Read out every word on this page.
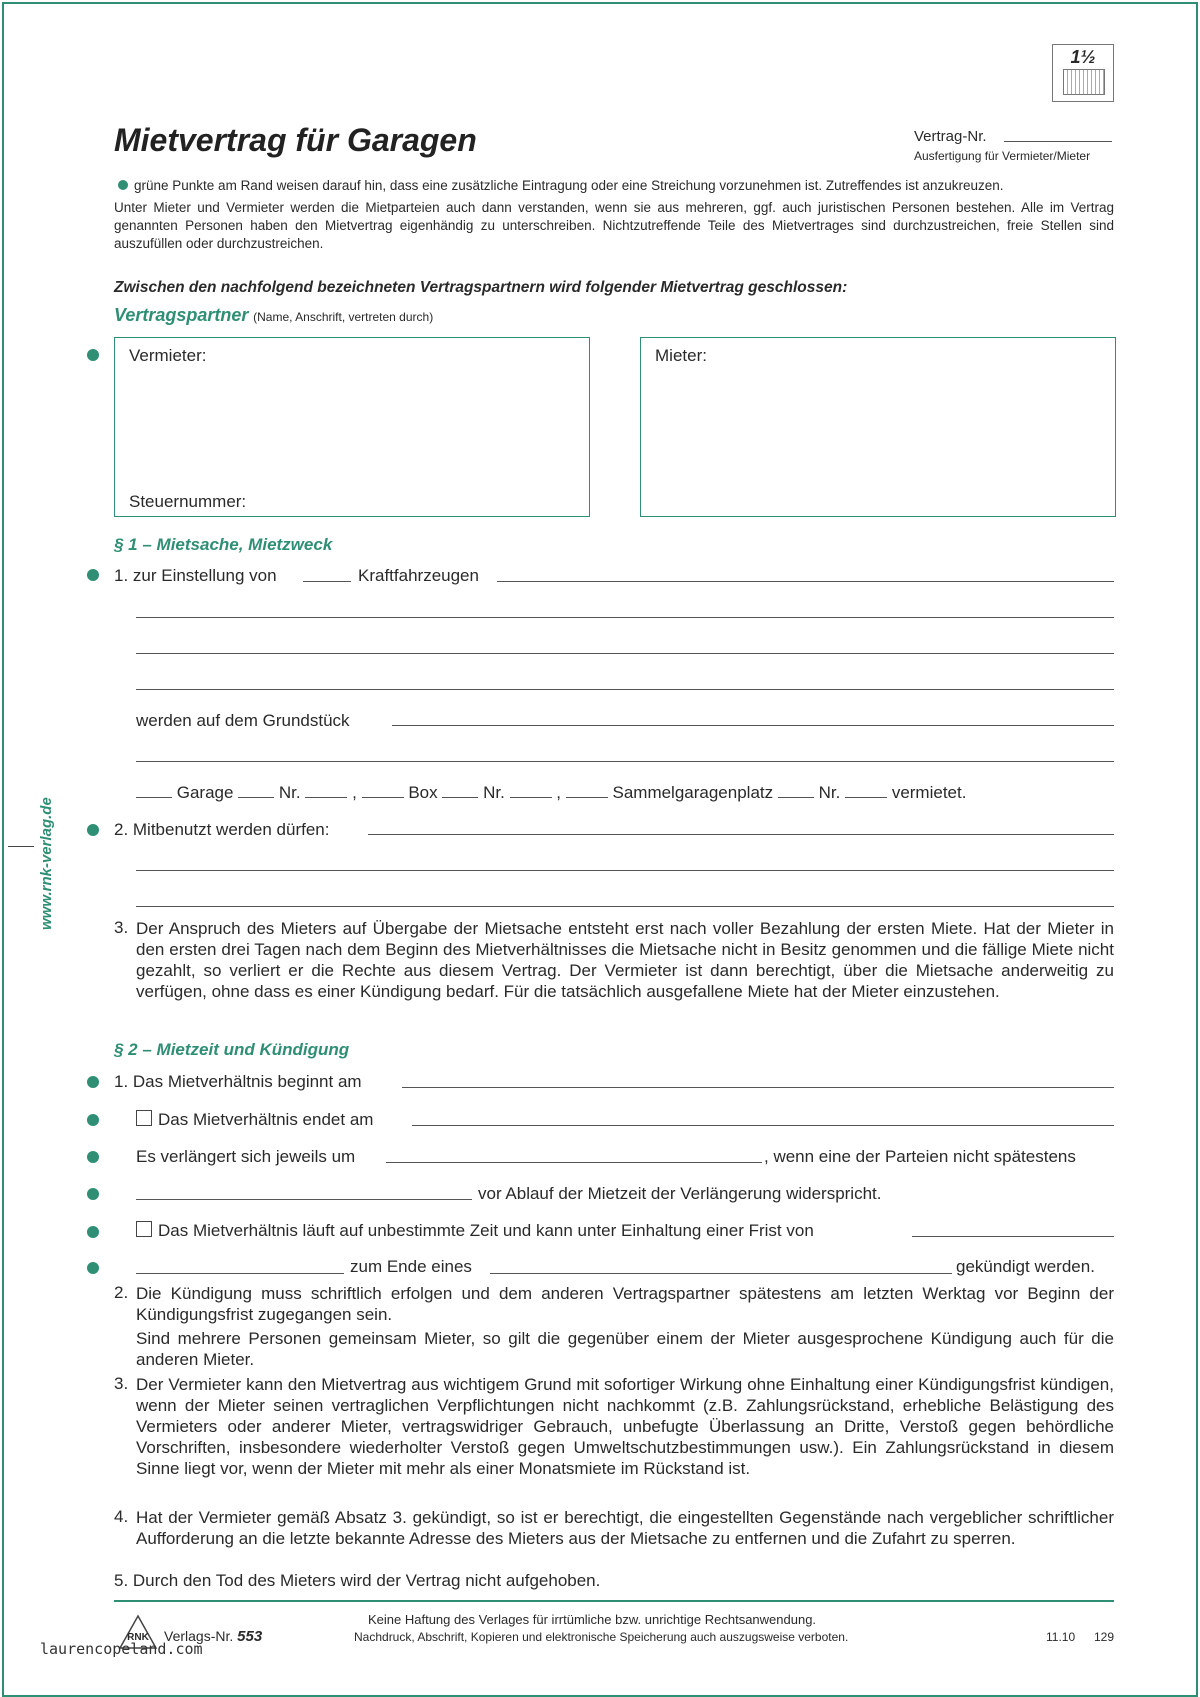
1½
Mietvertrag für Garagen	Vertrag-Nr.
Ausfertigung für Vermieter/Mieter
grüne Punkte am Rand weisen darauf hin, dass eine zusätzliche Eintragung oder eine Streichung vorzunehmen ist. Zutreffendes ist anzukreuzen.
Unter Mieter und Vermieter werden die Mietparteien auch dann verstanden, wenn sie aus mehreren, ggf. auch juristischen Personen bestehen. Alle im Vertrag genannten Personen haben den Mietvertrag eigenhändig zu unterschreiben. Nichtzutreffende Teile des Mietvertrages sind durchzustreichen, freie Stellen sind auszufüllen oder durchzustreichen.
Zwischen den nachfolgend bezeichneten Vertragspartnern wird folgender Mietvertrag geschlossen:
Vertragspartner (Name, Anschrift, vertreten durch)
Vermieter:
Steuernummer:
Mieter:
§ 1 – Mietsache, Mietzweck
1. zur Einstellung von	Kraftfahrzeugen
werden auf dem Grundstück
Garage	Nr.	,	Box	Nr.	,	Sammelgaragenplatz	Nr.	vermietet.
2. Mitbenutzt werden dürfen:
3. Der Anspruch des Mieters auf Übergabe der Mietsache entsteht erst nach voller Bezahlung der ersten Miete. Hat der Mieter in den ersten drei Tagen nach dem Beginn des Mietverhältnisses die Mietsache nicht in Besitz genommen und die fällige Miete nicht gezahlt, so verliert er die Rechte aus diesem Vertrag. Der Vermieter ist dann berechtigt, über die Mietsache anderweitig zu verfügen, ohne dass es einer Kündigung bedarf. Für die tatsächlich ausgefallene Miete hat der Mieter einzustehen.
§ 2 – Mietzeit und Kündigung
1. Das Mietverhältnis beginnt am
Das Mietverhältnis endet am
Es verlängert sich jeweils um	, wenn eine der Parteien nicht spätestens
vor Ablauf der Mietzeit der Verlängerung widerspricht.
Das Mietverhältnis läuft auf unbestimmte Zeit und kann unter Einhaltung einer Frist von
zum Ende eines	gekündigt werden.
2. Die Kündigung muss schriftlich erfolgen und dem anderen Vertragspartner spätestens am letzten Werktag vor Beginn der Kündigungsfrist zugegangen sein.
Sind mehrere Personen gemeinsam Mieter, so gilt die gegenüber einem der Mieter ausgesprochene Kündigung auch für die anderen Mieter.
3. Der Vermieter kann den Mietvertrag aus wichtigem Grund mit sofortiger Wirkung ohne Einhaltung einer Kündigungsfrist kündigen, wenn der Mieter seinen vertraglichen Verpflichtungen nicht nachkommt (z.B. Zahlungsrückstand, erhebliche Belästigung des Vermieters oder anderer Mieter, vertragswidriger Gebrauch, unbefugte Überlassung an Dritte, Verstoß gegen behördliche Vorschriften, insbesondere wiederholter Verstoß gegen Umweltschutzbestimmungen usw.). Ein Zahlungsrückstand in diesem Sinne liegt vor, wenn der Mieter mit mehr als einer Monatsmiete im Rückstand ist.
4. Hat der Vermieter gemäß Absatz 3. gekündigt, so ist er berechtigt, die eingestellten Gegenstände nach vergeblicher schriftlicher Aufforderung an die letzte bekannte Adresse des Mieters aus der Mietsache zu entfernen und die Zufahrt zu sperren.
5. Durch den Tod des Mieters wird der Vertrag nicht aufgehoben.
www.rnk-verlag.de
RNK	Verlags-Nr. 553
Keine Haftung des Verlages für irrtümliche bzw. unrichtige Rechtsanwendung.
Nachdruck, Abschrift, Kopieren und elektronische Speicherung auch auszugsweise verboten.	11.10 129
laurencopeland.com
